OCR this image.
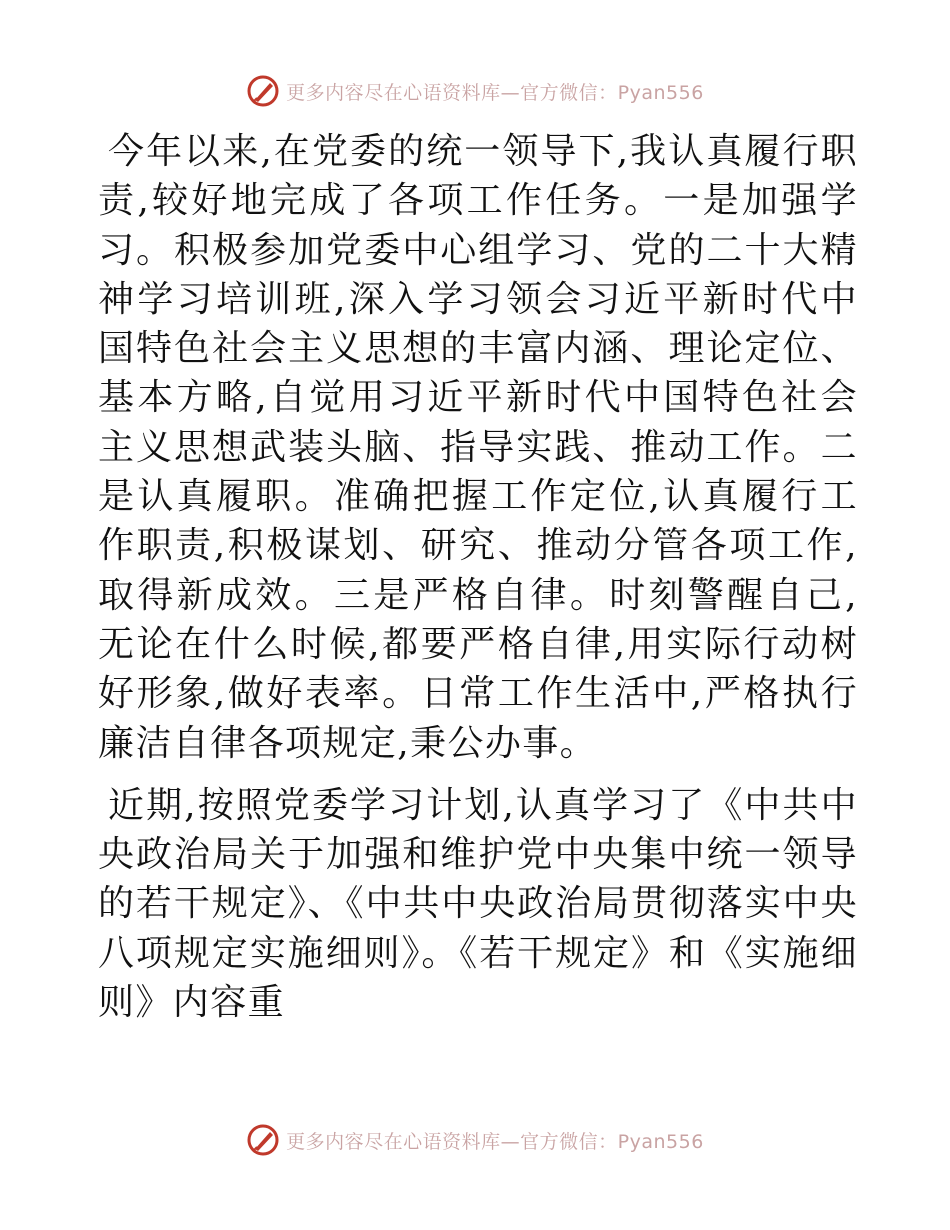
更多内容尽在心语资料库—官方微信：Pyan556

今年以来,在党委的统一领导下,我认真履行职责,较好地完成了各项工作任务。一是加强学习。积极参加党委中心组学习、党的二十大精神学习培训班,深入学习领会习近平新时代中国特色社会主义思想的丰富内涵、理论定位、基本方略,自觉用习近平新时代中国特色社会主义思想武装头脑、指导实践、推动工作。二是认真履职。准确把握工作定位,认真履行工作职责,积极谋划、研究、推动分管各项工作,取得新成效。三是严格自律。时刻警醒自己,无论在什么时候,都要严格自律,用实际行动树好形象,做好表率。日常工作生活中,严格执行廉洁自律各项规定,秉公办事。

近期,按照党委学习计划,认真学习了《中共中央政治局关于加强和维护党中央集中统一领导的若干规定》、《中共中央政治局贯彻落实中央八项规定实施细则》。《若干规定》和《实施细则》内容重

更多内容尽在心语资料库—官方微信：Pyan556
